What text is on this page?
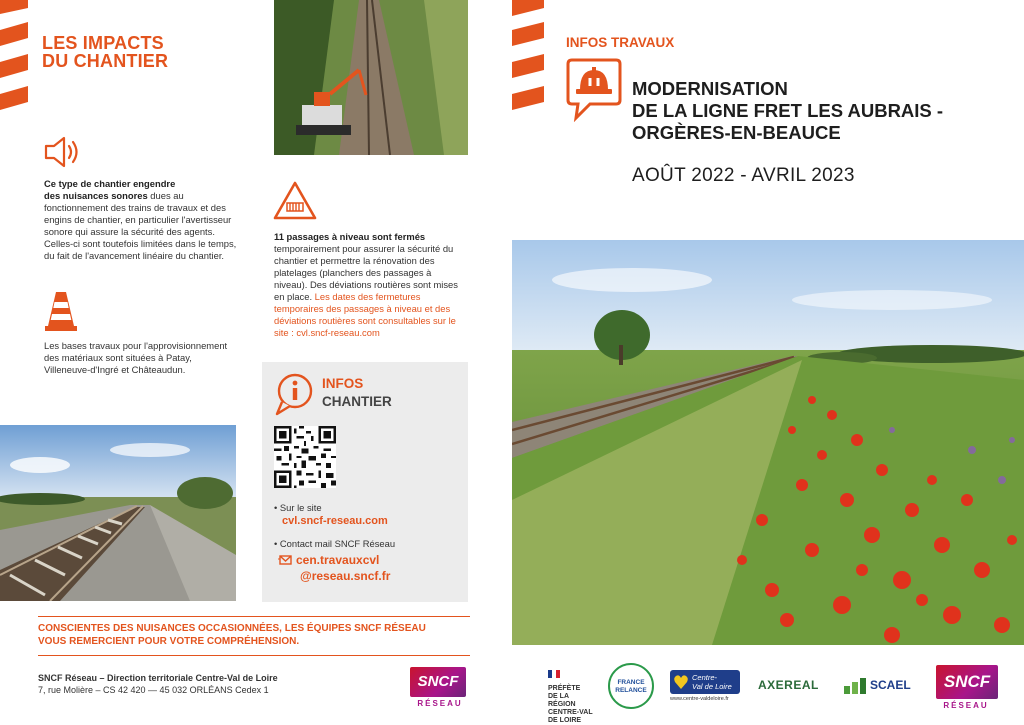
LES IMPACTS
DU CHANTIER
Ce type de chantier engendre
des nuisances sonores dues au fonctionnement des trains de travaux et des engins de chantier, en particulier l'avertisseur sonore qui assure la sécurité des agents. Celles-ci sont toutefois limitées dans le temps, du fait de l'avancement linéaire du chantier.
Les bases travaux pour l'approvisionnement des matériaux sont situées à Patay, Villeneuve-d'Ingré et Châteaudun.
11 passages à niveau sont fermés temporairement pour assurer la sécurité du chantier et permettre la rénovation des platelages (planchers des passages à niveau). Des déviations routières sont mises en place. Les dates des fermetures temporaires des passages à niveau et des déviations routières sont consultables sur le site : cvl.sncf-reseau.com
INFOS
CHANTIER
• Sur le site
cvl.sncf-reseau.com
• Contact mail SNCF Réseau
cen.travauxcvl
@reseau.sncf.fr
CONSCIENTES DES NUISANCES OCCASIONNÉES, LES ÉQUIPES SNCF RÉSEAU
VOUS REMERCIENT POUR VOTRE COMPRÉHENSION.
SNCF Réseau – Direction territoriale Centre-Val de Loire
7, rue Molière – CS 42 420 — 45 032 ORLÉANS Cedex 1	SNCF
RÉSEAU
INFOS TRAVAUX
MODERNISATION
DE LA LIGNE FRET LES AUBRAIS -
ORGÈRES-EN-BEAUCE
AOÛT 2022 - AVRIL 2023
PRÉFÈTE
DE LA RÉGION
CENTRE-VAL
DE LOIRE
FRANCE RELANCE
Centre-
Val de Loire
www.centre-valdeloire.fr
AXEREAL	SCAEL	SNCF
RÉSEAU
